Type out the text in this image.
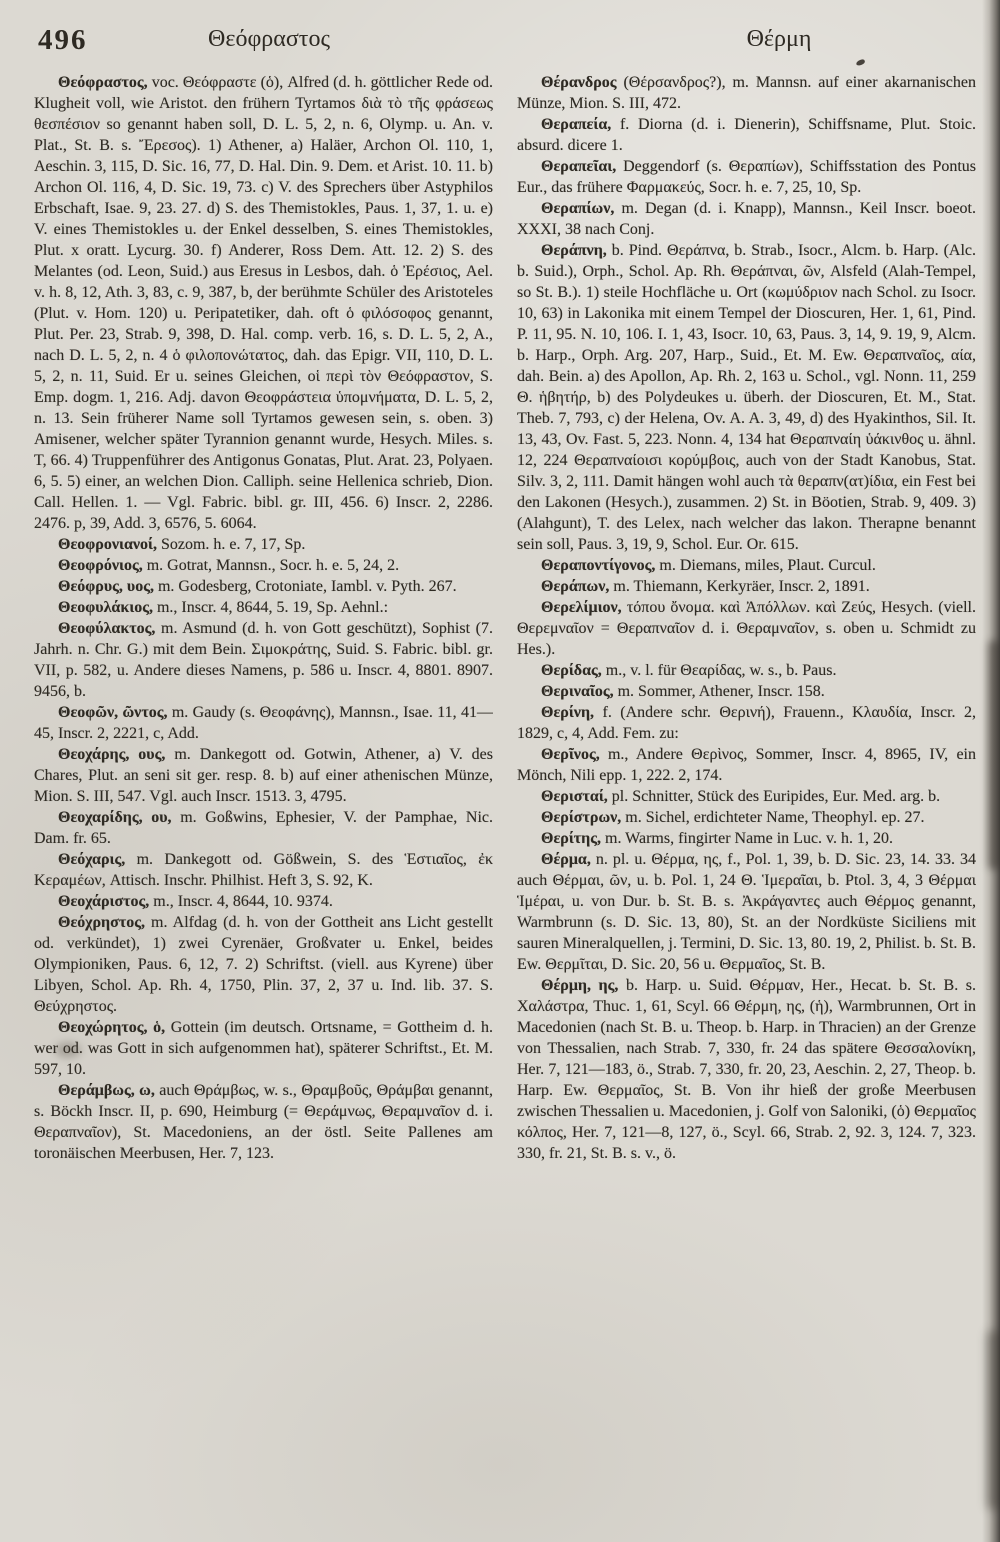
496	Θεόφραστος	Θέρμη

Θεόφραστος, voc. Θεόφραστε (ὁ), Alfred (d. h. göttlicher Rede od. Klugheit voll, wie Aristot. den frühern Tyrtamos διὰ τὸ τῆς φράσεως θεσπέσιον so genannt haben soll, D. L. 5, 2, n. 6, Olymp. u. An. v. Plat., St. B. s. Ἔρεσος). 1) Athener, a) Haläer, Archon Ol. 110, 1, Aeschin. 3, 115, D. Sic. 16, 77, D. Hal. Din. 9. Dem. et Arist. 10. 11. b) Archon Ol. 116, 4, D. Sic. 19, 73. c) V. des Sprechers über Astyphilos Erbschaft, Isae. 9, 23. 27. d) S. des Themistokles, Paus. 1, 37, 1. u. e) V. eines Themistokles u. der Enkel desselben, S. eines Themistokles, Plut. x oratt. Lycurg. 30. f) Anderer, Ross Dem. Att. 12. 2) S. des Melantes (od. Leon, Suid.) aus Eresus in Lesbos, dah. ὁ Ἐρέσιος, Ael. v. h. 8, 12, Ath. 3, 83, c. 9, 387, b, der berühmte Schüler des Aristoteles (Plut. v. Hom. 120) u. Peripatetiker, dah. oft ὁ φιλόσοφος genannt, Plut. Per. 23, Strab. 9, 398, D. Hal. comp. verb. 16, s. D. L. 5, 2, A., nach D. L. 5, 2, n. 4 ὁ φιλοπονώτατος, dah. das Epigr. VII, 110, D. L. 5, 2, n. 11, Suid. Er u. seines Gleichen, οἱ περὶ τὸν Θεόφραστον, S. Emp. dogm. 1, 216. Adj. davon Θεοφράστεια ὑπομνήματα, D. L. 5, 2, n. 13. Sein früherer Name soll Tyrtamos gewesen sein, s. oben. 3) Amisener, welcher später Tyrannion genannt wurde, Hesych. Miles. s. T, 66. 4) Truppenführer des Antigonus Gonatas, Plut. Arat. 23, Polyaen. 6, 5. 5) einer, an welchen Dion. Calliph. seine Hellenica schrieb, Dion. Call. Hellen. 1. — Vgl. Fabric. bibl. gr. III, 456. 6) Inscr. 2, 2286. 2476. p, 39, Add. 3, 6576, 5. 6064.

Θεοφρονιανοί, Sozom. h. e. 7, 17, Sp.

Θεοφρόνιος, m. Gotrat, Mannsn., Socr. h. e. 5, 24, 2.

Θεόφρυς, υος, m. Godesberg, Crotoniate, Iambl. v. Pyth. 267.

Θεοφυλάκιος, m., Inscr. 4, 8644, 5. 19, Sp. Aehnl.:

Θεοφύλακτος, m. Asmund (d. h. von Gott geschützt), Sophist (7. Jahrh. n. Chr. G.) mit dem Bein. Σιμοκράτης, Suid. S. Fabric. bibl. gr. VII, p. 582, u. Andere dieses Namens, p. 586 u. Inscr. 4, 8801. 8907. 9456, b.

Θεοφῶν, ῶντος, m. Gaudy (s. Θεοφάνης), Mannsn., Isae. 11, 41—45, Inscr. 2, 2221, c, Add.

Θεοχάρης, ους, m. Dankegott od. Gotwin, Athener, a) V. des Chares, Plut. an seni sit ger. resp. 8. b) auf einer athenischen Münze, Mion. S. III, 547. Vgl. auch Inscr. 1513. 3, 4795.

Θεοχαρίδης, ου, m. Goßwins, Ephesier, V. der Pamphae, Nic. Dam. fr. 65.

Θεόχαρις, m. Dankegott od. Gößwein, S. des Ἑστιαῖος, ἐκ Κεραμέων, Attisch. Inschr. Philhist. Heft 3, S. 92, K.

Θεοχάριστος, m., Inscr. 4, 8644, 10. 9374.

Θεόχρηστος, m. Alfdag (d. h. von der Gottheit ans Licht gestellt od. verkündet), 1) zwei Cyrenäer, Großvater u. Enkel, beides Olympioniken, Paus. 6, 12, 7. 2) Schriftst. (viell. aus Kyrene) über Libyen, Schol. Ap. Rh. 4, 1750, Plin. 37, 2, 37 u. Ind. lib. 37. S. Θεύχρηστος.

Θεοχώρητος, ὁ, Gottein (im deutsch. Ortsname, = Gottheim d. h. wer od. was Gott in sich aufgenommen hat), späterer Schriftst., Et. M. 597, 10.

Θεράμβως, ω, auch Θράμβως, w. s., Θραμβοῦς, Θράμβαι genannt, s. Böckh Inscr. II, p. 690, Heimburg (= Θεράμνως, Θεραμναῖον d. i. Θεραπναῖον), St. Macedoniens, an der östl. Seite Pallenes am toronäischen Meerbusen, Her. 7, 123.

Θέρανδρος (Θέρσανδρος?), m. Mannsn. auf einer akarnanischen Münze, Mion. S. III, 472.

Θεραπεία, f. Diorna (d. i. Dienerin), Schiffsname, Plut. Stoic. absurd. dicere 1.

Θεραπεῖαι, Deggendorf (s. Θεραπίων), Schiffsstation des Pontus Eur., das frühere Φαρμακεύς, Socr. h. e. 7, 25, 10, Sp.

Θεραπίων, m. Degan (d. i. Knapp), Mannsn., Keil Inscr. boeot. XXXI, 38 nach Conj.

Θεράπνη, b. Pind. Θεράπνα, b. Strab., Isocr., Alcm. b. Harp. (Alc. b. Suid.), Orph., Schol. Ap. Rh. Θεράπναι, ῶν, Alsfeld (Alah-Tempel, so St. B.). 1) steile Hochfläche u. Ort (κωμύδριον nach Schol. zu Isocr. 10, 63) in Lakonika mit einem Tempel der Dioscuren, Her. 1, 61, Pind. P. 11, 95. N. 10, 106. I. 1, 43, Isocr. 10, 63, Paus. 3, 14, 9. 19, 9, Alcm. b. Harp., Orph. Arg. 207, Harp., Suid., Et. M. Ew. Θεραπναῖος, αία, dah. Bein. a) des Apollon, Ap. Rh. 2, 163 u. Schol., vgl. Nonn. 11, 259 Θ. ἡβητήρ, b) des Polydeukes u. überh. der Dioscuren, Et. M., Stat. Theb. 7, 793, c) der Helena, Ov. A. A. 3, 49, d) des Hyakinthos, Sil. It. 13, 43, Ov. Fast. 5, 223. Nonn. 4, 134 hat Θεραπναίη ὑάκινθος u. ähnl. 12, 224 Θεραπναίοισι κορύμβοις, auch von der Stadt Kanobus, Stat. Silv. 3, 2, 111. Damit hängen wohl auch τὰ θεραπν(ατ)ίδια, ein Fest bei den Lakonen (Hesych.), zusammen. 2) St. in Böotien, Strab. 9, 409. 3) (Alahgunt), T. des Lelex, nach welcher das lakon. Therapne benannt sein soll, Paus. 3, 19, 9, Schol. Eur. Or. 615.

Θεραποντίγονος, m. Diemans, miles, Plaut. Curcul.

Θεράπων, m. Thiemann, Kerkyräer, Inscr. 2, 1891.

Θερελίμιον, τόπου ὄνομα. καὶ Ἀπόλλων. καὶ Ζεύς, Hesych. (viell. Θερεμναῖον = Θεραπναῖον d. i. Θεραμναῖον, s. oben u. Schmidt zu Hes.).

Θερίδας, m., v. l. für Θεαρίδας, w. s., b. Paus.

Θεριναῖος, m. Sommer, Athener, Inscr. 158.

Θερίνη, f. (Andere schr. Θερινή), Frauenn., Κλαυδία, Inscr. 2, 1829, c, 4, Add. Fem. zu:

Θερῖνος, m., Andere Θερὶνος, Sommer, Inscr. 4, 8965, IV, ein Mönch, Nili epp. 1, 222. 2, 174.

Θερισταί, pl. Schnitter, Stück des Euripides, Eur. Med. arg. b.

Θερίστρων, m. Sichel, erdichteter Name, Theophyl. ep. 27.

Θερίτης, m. Warms, fingirter Name in Luc. v. h. 1, 20.

Θέρμα, n. pl. u. Θέρμα, ης, f., Pol. 1, 39, b. D. Sic. 23, 14. 33. 34 auch Θέρμαι, ῶν, u. b. Pol. 1, 24 Θ. Ἱμεραῖαι, b. Ptol. 3, 4, 3 Θέρμαι Ἱμέραι, u. von Dur. b. St. B. s. Ἀκράγαντες auch Θέρμος genannt, Warmbrunn (s. D. Sic. 13, 80), St. an der Nordküste Siciliens mit sauren Mineralquellen, j. Termini, D. Sic. 13, 80. 19, 2, Philist. b. St. B. Ew. Θερμῖται, D. Sic. 20, 56 u. Θερμαῖος, St. B.

Θέρμη, ης, b. Harp. u. Suid. Θέρμαν, Her., Hecat. b. St. B. s. Χαλάστρα, Thuc. 1, 61, Scyl. 66 Θέρμη, ης, (ἡ), Warmbrunnen, Ort in Macedonien (nach St. B. u. Theop. b. Harp. in Thracien) an der Grenze von Thessalien, nach Strab. 7, 330, fr. 24 das spätere Θεσσαλονίκη, Her. 7, 121—183, ö., Strab. 7, 330, fr. 20, 23, Aeschin. 2, 27, Theop. b. Harp. Ew. Θερμαῖος, St. B. Von ihr hieß der große Meerbusen zwischen Thessalien u. Macedonien, j. Golf von Saloniki, (ὁ) Θερμαῖος κόλπος, Her. 7, 121—8, 127, ö., Scyl. 66, Strab. 2, 92. 3, 124. 7, 323. 330, fr. 21, St. B. s. v., ö.
